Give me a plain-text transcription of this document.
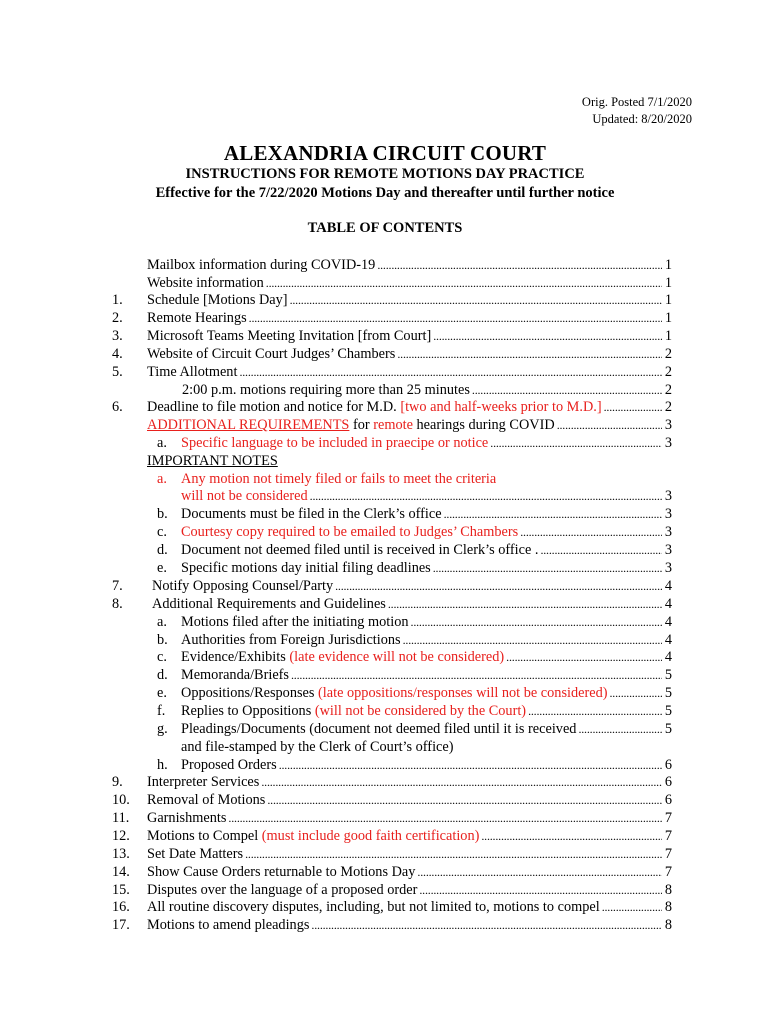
Orig. Posted 7/1/2020
Updated: 8/20/2020
ALEXANDRIA CIRCUIT COURT
INSTRUCTIONS FOR REMOTE MOTIONS DAY PRACTICE
Effective for the 7/22/2020 Motions Day and thereafter until further notice
TABLE OF CONTENTS
Mailbox information during COVID-19 . . .	1
Website information . . .	1
1. Schedule [Motions Day] . . .	1
2. Remote Hearings . . .	1
3. Microsoft Teams Meeting Invitation [from Court] . . .	1
4. Website of Circuit Court Judges’ Chambers . . .	2
5. Time Allotment . . .	2
2:00 p.m. motions requiring more than 25 minutes . . .	2
6. Deadline to file motion and notice for M.D.
[two and half-weeks prior to M.D.] . . .	2
ADDITIONAL REQUIREMENTS
for
remote
hearings during COVID . . .	3
a. Specific language to be included in praecipe or notice . . .	3
IMPORTANT NOTES
a. Any motion not timely filed or fails to meet the criteria
will not be considered . . .	3
b. Documents must be filed in the Clerk’s office . . .	3
c. Courtesy copy required to be emailed to Judges’ Chambers . . .	3
d. Document not deemed filed until is received in Clerk’s office . . . .	3
e. Specific motions day initial filing deadlines . . .	3
7. Notify Opposing Counsel/Party . . .	4
8. Additional Requirements and Guidelines . . .	4
a. Motions filed after the initiating motion . . .	4
b. Authorities from Foreign Jurisdictions . . .	4
c. Evidence/Exhibits
(late evidence will not be considered) . . .	4
d. Memoranda/Briefs . . .	5
e. Oppositions/Responses
(late oppositions/responses will not be considered) . . .	5
f.	Replies to Oppositions
(will not be considered by the Court) . . .	5
g. Pleadings/Documents (document not deemed filed until it is received . . .	5
and file-stamped by the Clerk of Court’s office)
h. Proposed Orders . . .	6
9. Interpreter Services . . .	6
10. Removal of Motions . . .	6
11. Garnishments . . .	7
12. Motions to Compel
(must include good faith certification) . . .	7
13. Set Date Matters . . .	7
14. Show Cause Orders returnable to Motions Day . . .	7
15. Disputes over the language of a proposed order . . .	8
16. All routine discovery disputes, including, but not limited to, motions to compel . . .	8
17. Motions to amend pleadings . . .	8
